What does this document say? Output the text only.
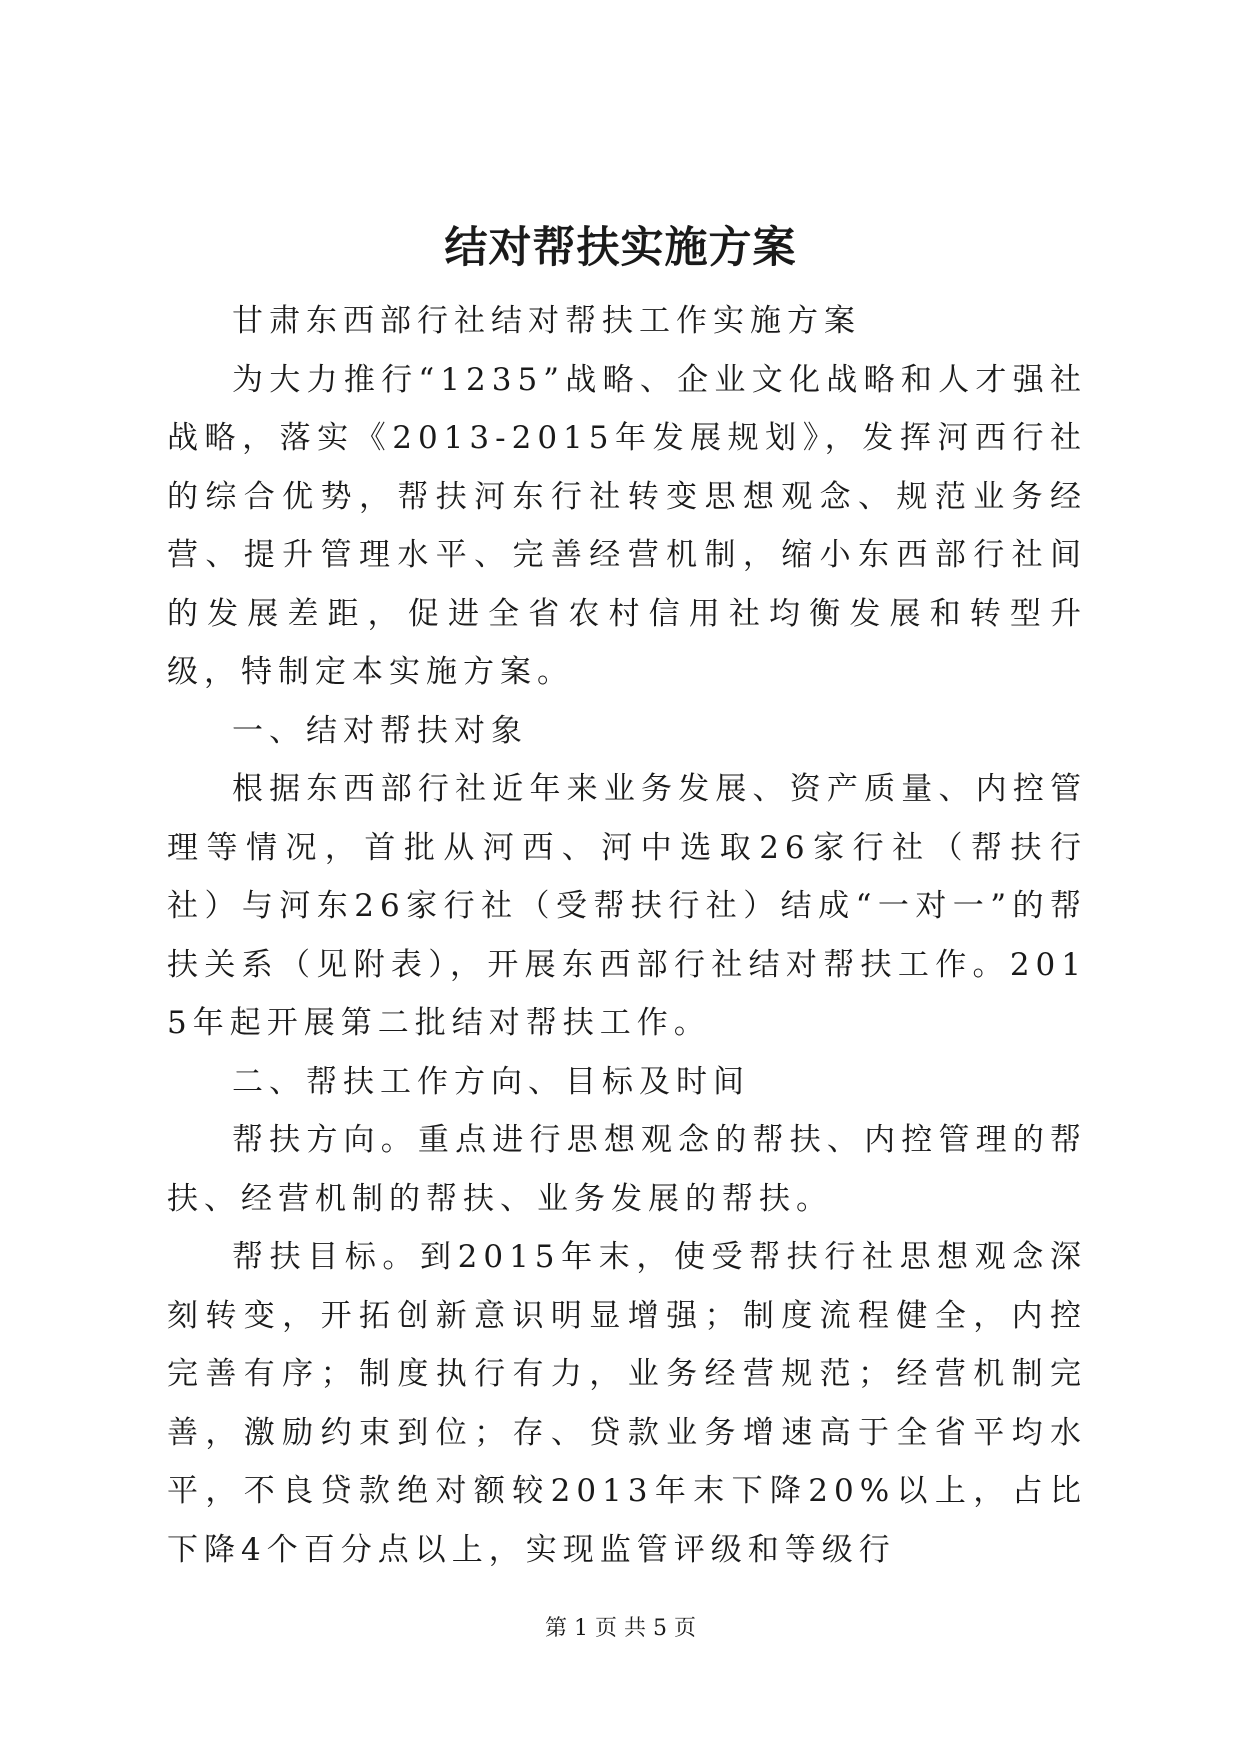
结对帮扶实施方案

甘肃东西部行社结对帮扶工作实施方案

为大力推行“1235”战略、企业文化战略和人才强社战略，落实《2013-2015年发展规划》，发挥河西行社的综合优势，帮扶河东行社转变思想观念、规范业务经营、提升管理水平、完善经营机制，缩小东西部行社间的发展差距，促进全省农村信用社均衡发展和转型升级，特制定本实施方案。

一、结对帮扶对象

根据东西部行社近年来业务发展、资产质量、内控管理等情况，首批从河西、河中选取26家行社（帮扶行社）与河东26家行社（受帮扶行社）结成“一对一”的帮扶关系（见附表），开展东西部行社结对帮扶工作。2015年起开展第二批结对帮扶工作。

二、帮扶工作方向、目标及时间

帮扶方向。重点进行思想观念的帮扶、内控管理的帮扶、经营机制的帮扶、业务发展的帮扶。

帮扶目标。到2015年末，使受帮扶行社思想观念深刻转变，开拓创新意识明显增强；制度流程健全，内控完善有序；制度执行有力，业务经营规范；经营机制完善，激励约束到位；存、贷款业务增速高于全省平均水平，不良贷款绝对额较2013年末下降20%以上，占比下降4个百分点以上，实现监管评级和等级行

第 1 页 共 5 页
